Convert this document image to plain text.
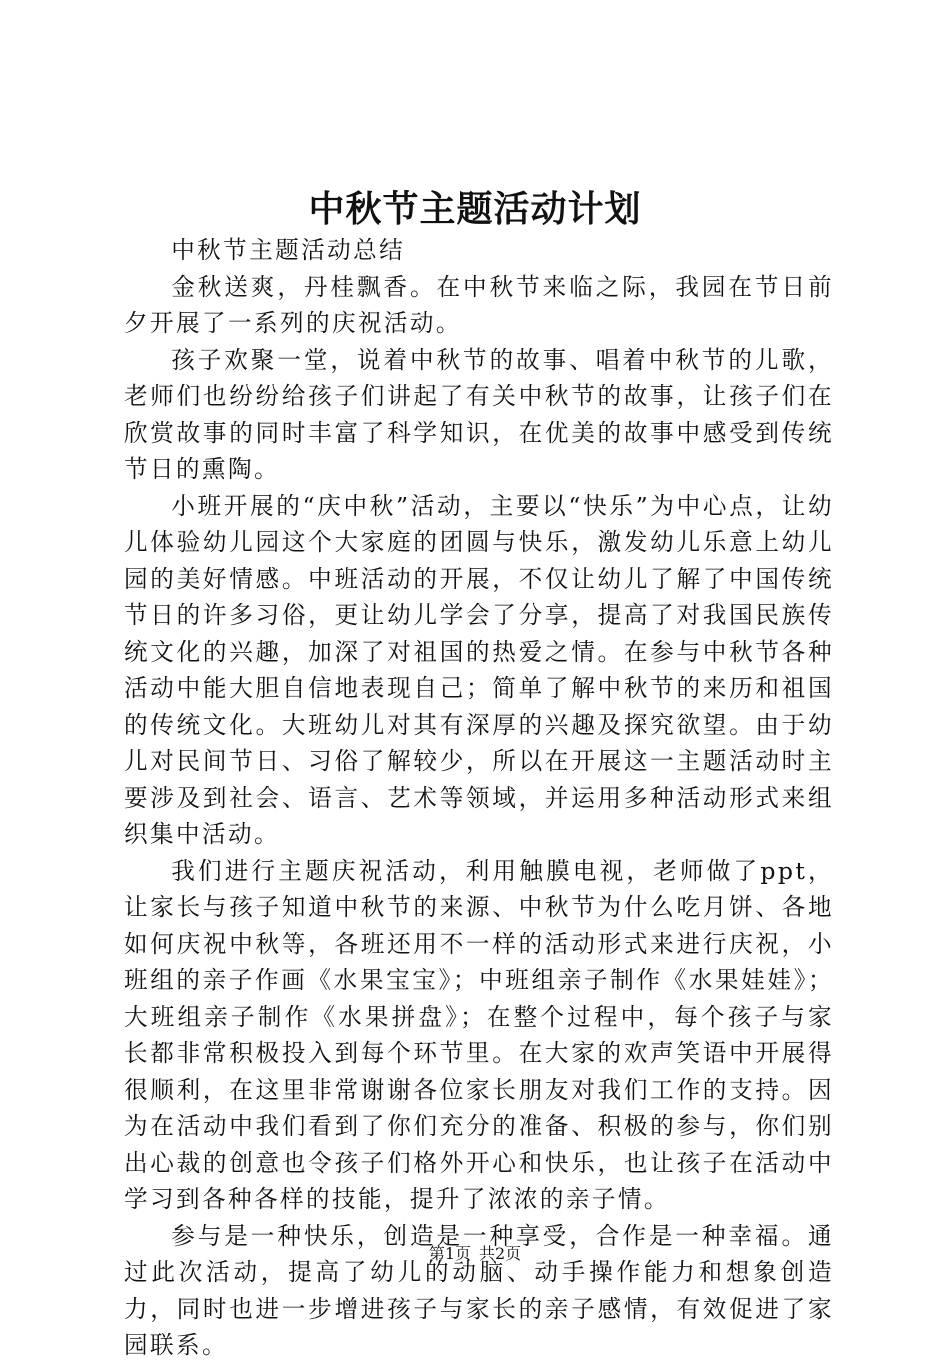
中秋节主题活动计划

中秋节主题活动总结

金秋送爽，丹桂飘香。在中秋节来临之际，我园在节日前夕开展了一系列的庆祝活动。

孩子欢聚一堂，说着中秋节的故事、唱着中秋节的儿歌，老师们也纷纷给孩子们讲起了有关中秋节的故事，让孩子们在欣赏故事的同时丰富了科学知识，在优美的故事中感受到传统节日的熏陶。

小班开展的“庆中秋”活动，主要以“快乐”为中心点，让幼儿体验幼儿园这个大家庭的团圆与快乐，激发幼儿乐意上幼儿园的美好情感。中班活动的开展，不仅让幼儿了解了中国传统节日的许多习俗，更让幼儿学会了分享，提高了对我国民族传统文化的兴趣，加深了对祖国的热爱之情。在参与中秋节各种活动中能大胆自信地表现自己；简单了解中秋节的来历和祖国的传统文化。大班幼儿对其有深厚的兴趣及探究欲望。由于幼儿对民间节日、习俗了解较少，所以在开展这一主题活动时主要涉及到社会、语言、艺术等领域，并运用多种活动形式来组织集中活动。

我们进行主题庆祝活动，利用触膜电视，老师做了ppt，让家长与孩子知道中秋节的来源、中秋节为什么吃月饼、各地如何庆祝中秋等，各班还用不一样的活动形式来进行庆祝，小班组的亲子作画《水果宝宝》；中班组亲子制作《水果娃娃》；大班组亲子制作《水果拼盘》；在整个过程中，每个孩子与家长都非常积极投入到每个环节里。在大家的欢声笑语中开展得很顺利，在这里非常谢谢各位家长朋友对我们工作的支持。因为在活动中我们看到了你们充分的准备、积极的参与，你们别出心裁的创意也令孩子们格外开心和快乐，也让孩子在活动中学习到各种各样的技能，提升了浓浓的亲子情。

参与是一种快乐，创造是一种享受，合作是一种幸福。通过此次活动，提高了幼儿的动脑、动手操作能力和想象创造力，同时也进一步增进孩子与家长的亲子感情，有效促进了家园联系。

第1页 共2页
